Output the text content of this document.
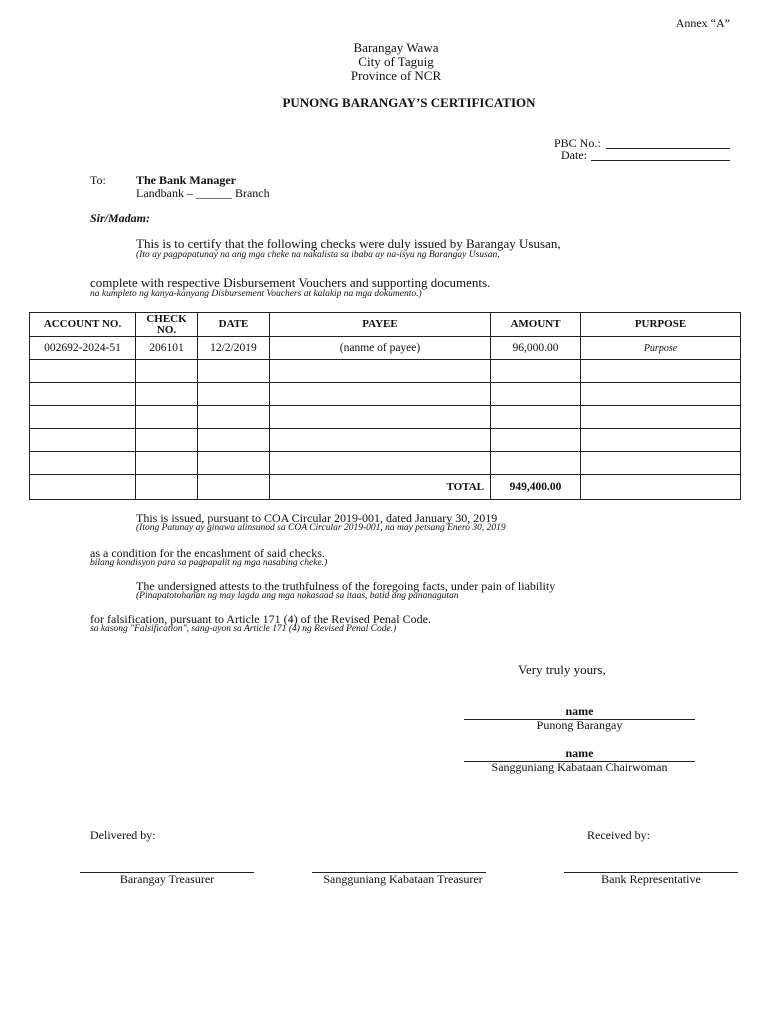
Annex “A”
Barangay Wawa
City of Taguig
Province of NCR
PUNONG BARANGAY’S CERTIFICATION
PBC No.:
Date:
To:	The Bank Manager
Landbank – ______ Branch
Sir/Madam:
This is to certify that the following checks were duly issued by Barangay Ususan,
(Ito ay pagpapatunay na ang mga cheke na nakalista sa ibaba ay na-isyu ng Barangay Ususan,
complete with respective Disbursement Vouchers and supporting documents.
na kumpleto ng kanya-kanyang Disbursement Vouchers at kalakip na mga dokumento.)
ACCOUNT NO.	CHECK NO.	DATE	PAYEE	AMOUNT	PURPOSE
002692-2024-51	206101	12/2/2019	(nanme of payee)	96,000.00	Purpose

			TOTAL	949,400.00	
This is issued, pursuant to COA Circular 2019-001, dated January 30, 2019
(Itong Patunay ay ginawa alinsunod sa COA Circular 2019-001, na may petsang Enero 30, 2019
as a condition for the encashment of said checks.
bilang kondisyon para sa pagpapalit ng mga nasabing cheke.)
The undersigned attests to the truthfulness of the foregoing facts, under pain of liability
(Pinapatotohanan ng may lagda ang mga nakasaad sa itaas, batid ang pananagutan
for falsification, pursuant to Article 171 (4) of the Revised Penal Code.
sa kasong "Falsification", sang-ayon sa Article 171 (4) ng Revised Penal Code.)
Very truly yours,
name
Punong Barangay
name
Sangguniang Kabataan Chairwoman
Delivered by:	Received by:
Barangay Treasurer	Sangguniang Kabataan Treasurer	Bank Representative
